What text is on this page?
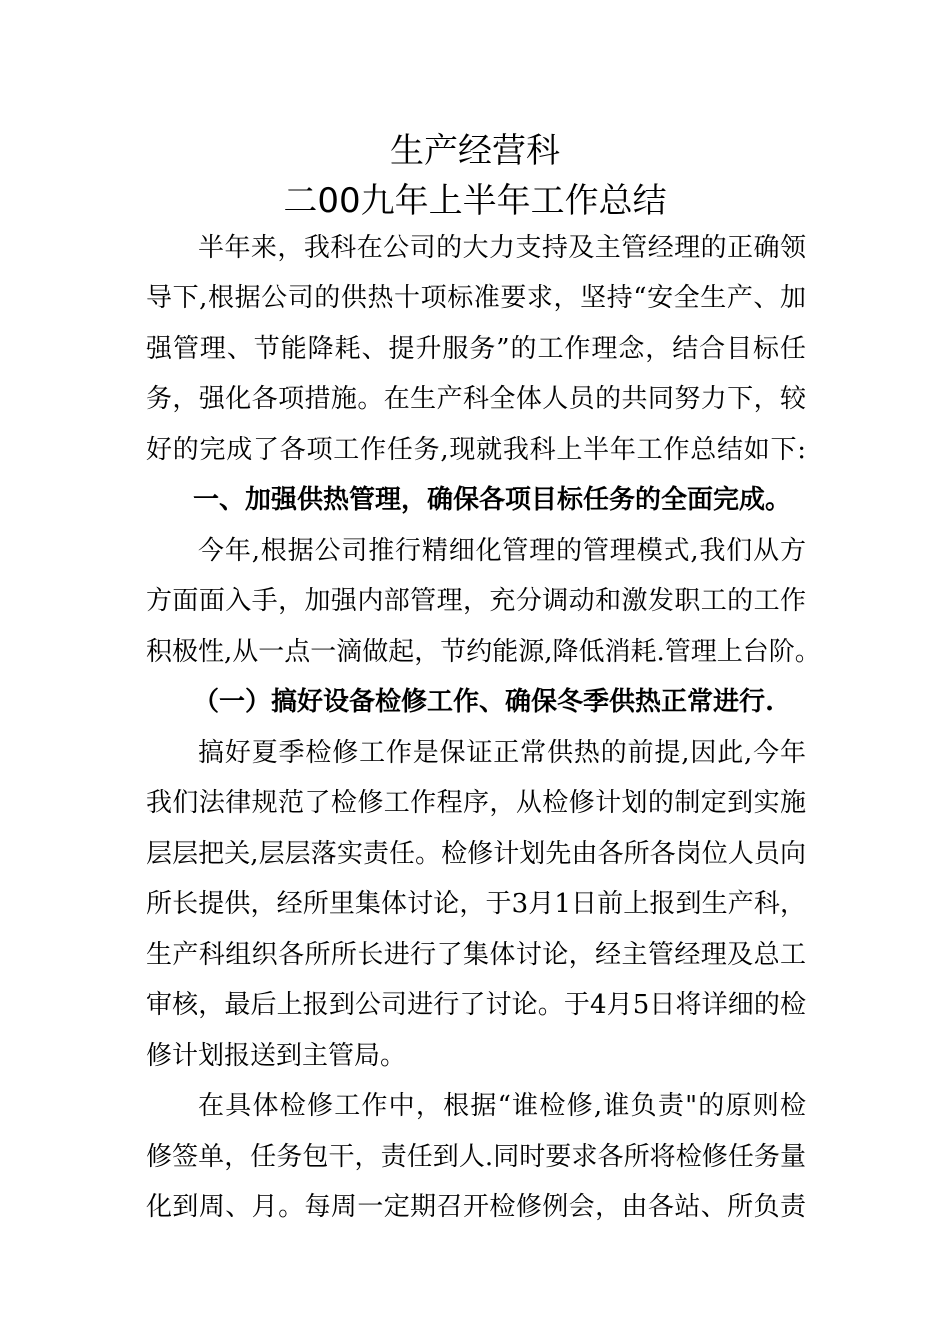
生产经营科
二00九年上半年工作总结
半年来，我科在公司的大力支持及主管经理的正确领
导下,根据公司的供热十项标准要求，坚持“安全生产、加
强管理、节能降耗、提升服务”的工作理念，结合目标任
务，强化各项措施。在生产科全体人员的共同努力下，较
好的完成了各项工作任务,现就我科上半年工作总结如下:
一、加强供热管理，确保各项目标任务的全面完成。
今年,根据公司推行精细化管理的管理模式,我们从方
方面面入手，加强内部管理，充分调动和激发职工的工作
积极性,从一点一滴做起，节约能源,降低消耗.管理上台阶。
（一）搞好设备检修工作、确保冬季供热正常进行.
搞好夏季检修工作是保证正常供热的前提,因此,今年
我们法律规范了检修工作程序，从检修计划的制定到实施
层层把关,层层落实责任。检修计划先由各所各岗位人员向
所长提供，经所里集体讨论，于3月1日前上报到生产科，
生产科组织各所所长进行了集体讨论，经主管经理及总工
审核，最后上报到公司进行了讨论。于4月5日将详细的检
修计划报送到主管局。
在具体检修工作中，根据“谁检修,谁负责"的原则检
修签单，任务包干，责任到人.同时要求各所将检修任务量
化到周、月。每周一定期召开检修例会，由各站、所负责
